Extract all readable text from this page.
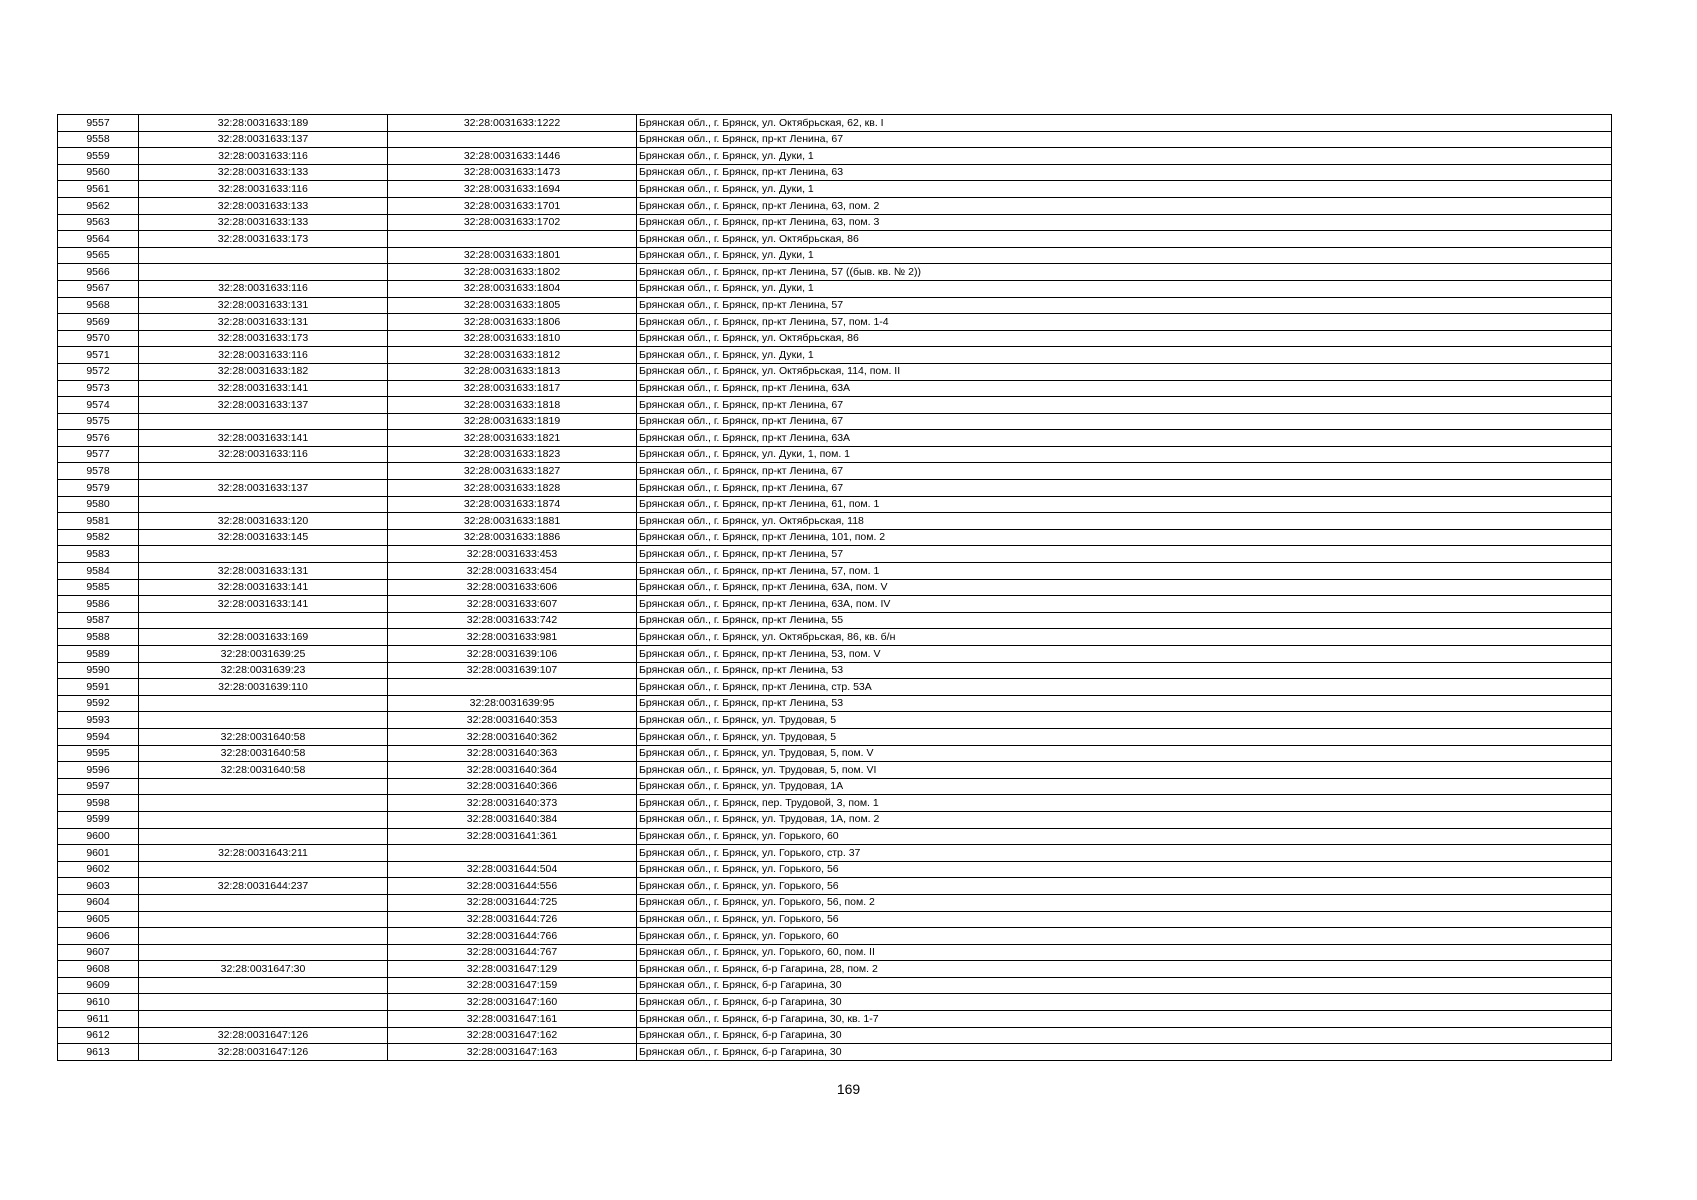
9557	32:28:0031633:189	32:28:0031633:1222	Брянская обл., г. Брянск, ул. Октябрьская, 62, кв. I
9558	32:28:0031633:137		Брянская обл., г. Брянск, пр-кт Ленина, 67
9559	32:28:0031633:116	32:28:0031633:1446	Брянская обл., г. Брянск, ул. Дуки, 1
9560	32:28:0031633:133	32:28:0031633:1473	Брянская обл., г. Брянск, пр-кт Ленина, 63
9561	32:28:0031633:116	32:28:0031633:1694	Брянская обл., г. Брянск, ул. Дуки, 1
9562	32:28:0031633:133	32:28:0031633:1701	Брянская обл., г. Брянск, пр-кт Ленина, 63, пом. 2
9563	32:28:0031633:133	32:28:0031633:1702	Брянская обл., г. Брянск, пр-кт Ленина, 63, пом. 3
9564	32:28:0031633:173		Брянская обл., г. Брянск, ул. Октябрьская, 86
9565		32:28:0031633:1801	Брянская обл., г. Брянск, ул. Дуки, 1
9566		32:28:0031633:1802	Брянская обл., г. Брянск, пр-кт Ленина, 57 ((быв. кв. № 2))
9567	32:28:0031633:116	32:28:0031633:1804	Брянская обл., г. Брянск, ул. Дуки, 1
9568	32:28:0031633:131	32:28:0031633:1805	Брянская обл., г. Брянск, пр-кт Ленина, 57
9569	32:28:0031633:131	32:28:0031633:1806	Брянская обл., г. Брянск, пр-кт Ленина, 57, пом. 1-4
9570	32:28:0031633:173	32:28:0031633:1810	Брянская обл., г. Брянск, ул. Октябрьская, 86
9571	32:28:0031633:116	32:28:0031633:1812	Брянская обл., г. Брянск, ул. Дуки, 1
9572	32:28:0031633:182	32:28:0031633:1813	Брянская обл., г. Брянск, ул. Октябрьская, 114, пом. II
9573	32:28:0031633:141	32:28:0031633:1817	Брянская обл., г. Брянск, пр-кт Ленина, 63А
9574	32:28:0031633:137	32:28:0031633:1818	Брянская обл., г. Брянск, пр-кт Ленина, 67
9575		32:28:0031633:1819	Брянская обл., г. Брянск, пр-кт Ленина, 67
9576	32:28:0031633:141	32:28:0031633:1821	Брянская обл., г. Брянск, пр-кт Ленина, 63А
9577	32:28:0031633:116	32:28:0031633:1823	Брянская обл., г. Брянск, ул. Дуки, 1, пом. 1
9578		32:28:0031633:1827	Брянская обл., г. Брянск, пр-кт Ленина, 67
9579	32:28:0031633:137	32:28:0031633:1828	Брянская обл., г. Брянск, пр-кт Ленина, 67
9580		32:28:0031633:1874	Брянская обл., г. Брянск, пр-кт Ленина, 61, пом. 1
9581	32:28:0031633:120	32:28:0031633:1881	Брянская обл., г. Брянск, ул. Октябрьская, 118
9582	32:28:0031633:145	32:28:0031633:1886	Брянская обл., г. Брянск, пр-кт Ленина, 101, пом. 2
9583		32:28:0031633:453	Брянская обл., г. Брянск, пр-кт Ленина, 57
9584	32:28:0031633:131	32:28:0031633:454	Брянская обл., г. Брянск, пр-кт Ленина, 57, пом. 1
9585	32:28:0031633:141	32:28:0031633:606	Брянская обл., г. Брянск, пр-кт Ленина, 63А, пом. V
9586	32:28:0031633:141	32:28:0031633:607	Брянская обл., г. Брянск, пр-кт Ленина, 63А, пом. IV
9587		32:28:0031633:742	Брянская обл., г. Брянск, пр-кт Ленина, 55
9588	32:28:0031633:169	32:28:0031633:981	Брянская обл., г. Брянск, ул. Октябрьская, 86, кв. б/н
9589	32:28:0031639:25	32:28:0031639:106	Брянская обл., г. Брянск, пр-кт Ленина, 53, пом. V
9590	32:28:0031639:23	32:28:0031639:107	Брянская обл., г. Брянск, пр-кт Ленина, 53
9591	32:28:0031639:110		Брянская обл., г. Брянск, пр-кт Ленина, стр. 53А
9592		32:28:0031639:95	Брянская обл., г. Брянск, пр-кт Ленина, 53
9593		32:28:0031640:353	Брянская обл., г. Брянск, ул. Трудовая, 5
9594	32:28:0031640:58	32:28:0031640:362	Брянская обл., г. Брянск, ул. Трудовая, 5
9595	32:28:0031640:58	32:28:0031640:363	Брянская обл., г. Брянск, ул. Трудовая, 5, пом. V
9596	32:28:0031640:58	32:28:0031640:364	Брянская обл., г. Брянск, ул. Трудовая, 5, пом. VI
9597		32:28:0031640:366	Брянская обл., г. Брянск, ул. Трудовая, 1А
9598		32:28:0031640:373	Брянская обл., г. Брянск, пер. Трудовой, 3, пом. 1
9599		32:28:0031640:384	Брянская обл., г. Брянск, ул. Трудовая, 1А, пом. 2
9600		32:28:0031641:361	Брянская обл., г. Брянск, ул. Горького, 60
9601	32:28:0031643:211		Брянская обл., г. Брянск, ул. Горького, стр. 37
9602		32:28:0031644:504	Брянская обл., г. Брянск, ул. Горького, 56
9603	32:28:0031644:237	32:28:0031644:556	Брянская обл., г. Брянск, ул. Горького, 56
9604		32:28:0031644:725	Брянская обл., г. Брянск, ул. Горького, 56, пом. 2
9605		32:28:0031644:726	Брянская обл., г. Брянск, ул. Горького, 56
9606		32:28:0031644:766	Брянская обл., г. Брянск, ул. Горького, 60
9607		32:28:0031644:767	Брянская обл., г. Брянск, ул. Горького, 60, пом. II
9608	32:28:0031647:30	32:28:0031647:129	Брянская обл., г. Брянск, б-р Гагарина, 28, пом. 2
9609		32:28:0031647:159	Брянская обл., г. Брянск, б-р Гагарина, 30
9610		32:28:0031647:160	Брянская обл., г. Брянск, б-р Гагарина, 30
9611		32:28:0031647:161	Брянская обл., г. Брянск, б-р Гагарина, 30, кв. 1-7
9612	32:28:0031647:126	32:28:0031647:162	Брянская обл., г. Брянск, б-р Гагарина, 30
9613	32:28:0031647:126	32:28:0031647:163	Брянская обл., г. Брянск, б-р Гагарина, 30
169
